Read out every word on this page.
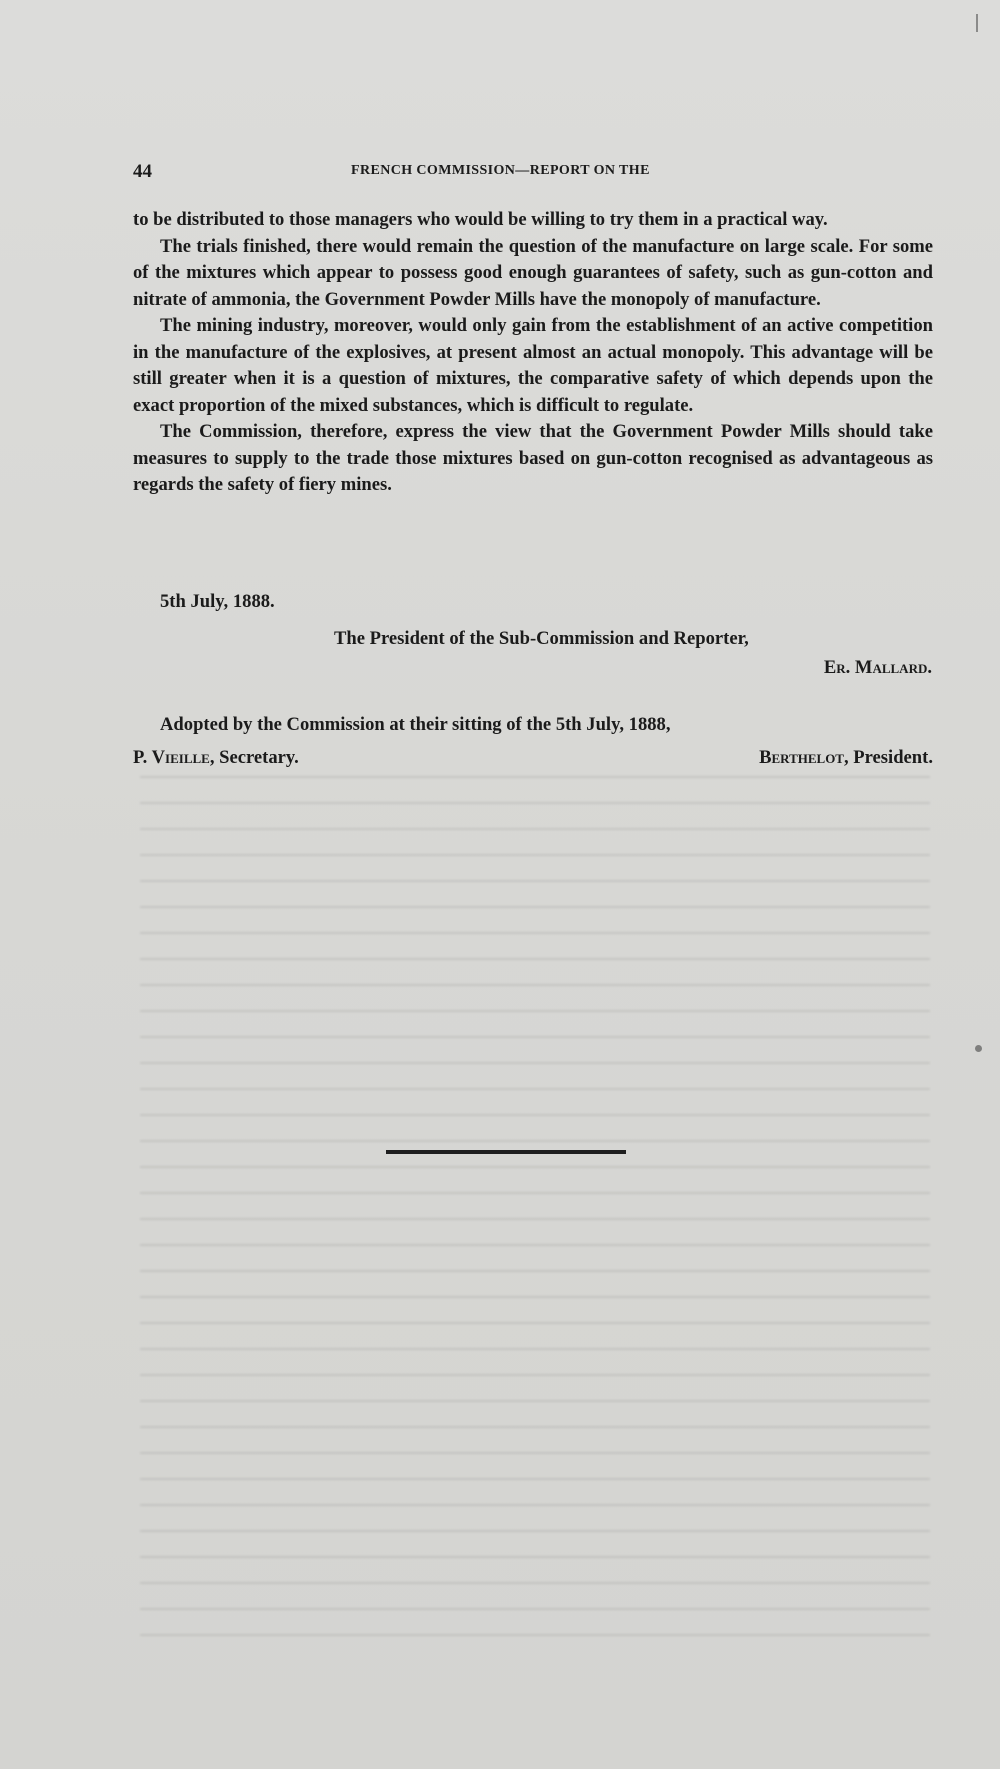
44	FRENCH COMMISSION—REPORT ON THE

to be distributed to those managers who would be willing to try them in a practical way.

The trials finished, there would remain the question of the manufacture on large scale. For some of the mixtures which appear to possess good enough guarantees of safety, such as gun-cotton and nitrate of ammonia, the Government Powder Mills have the monopoly of manufacture.

The mining industry, moreover, would only gain from the establishment of an active competition in the manufacture of the explosives, at present almost an actual monopoly. This advantage will be still greater when it is a question of mixtures, the comparative safety of which depends upon the exact proportion of the mixed substances, which is difficult to regulate.

The Commission, therefore, express the view that the Government Powder Mills should take measures to supply to the trade those mixtures based on gun-cotton recognised as advantageous as regards the safety of fiery mines.

5th July, 1888.

The President of the Sub-Commission and Reporter,

Er. Mallard.

Adopted by the Commission at their sitting of the 5th July, 1888,
P. Vieille, Secretary.	Berthelot, President.
